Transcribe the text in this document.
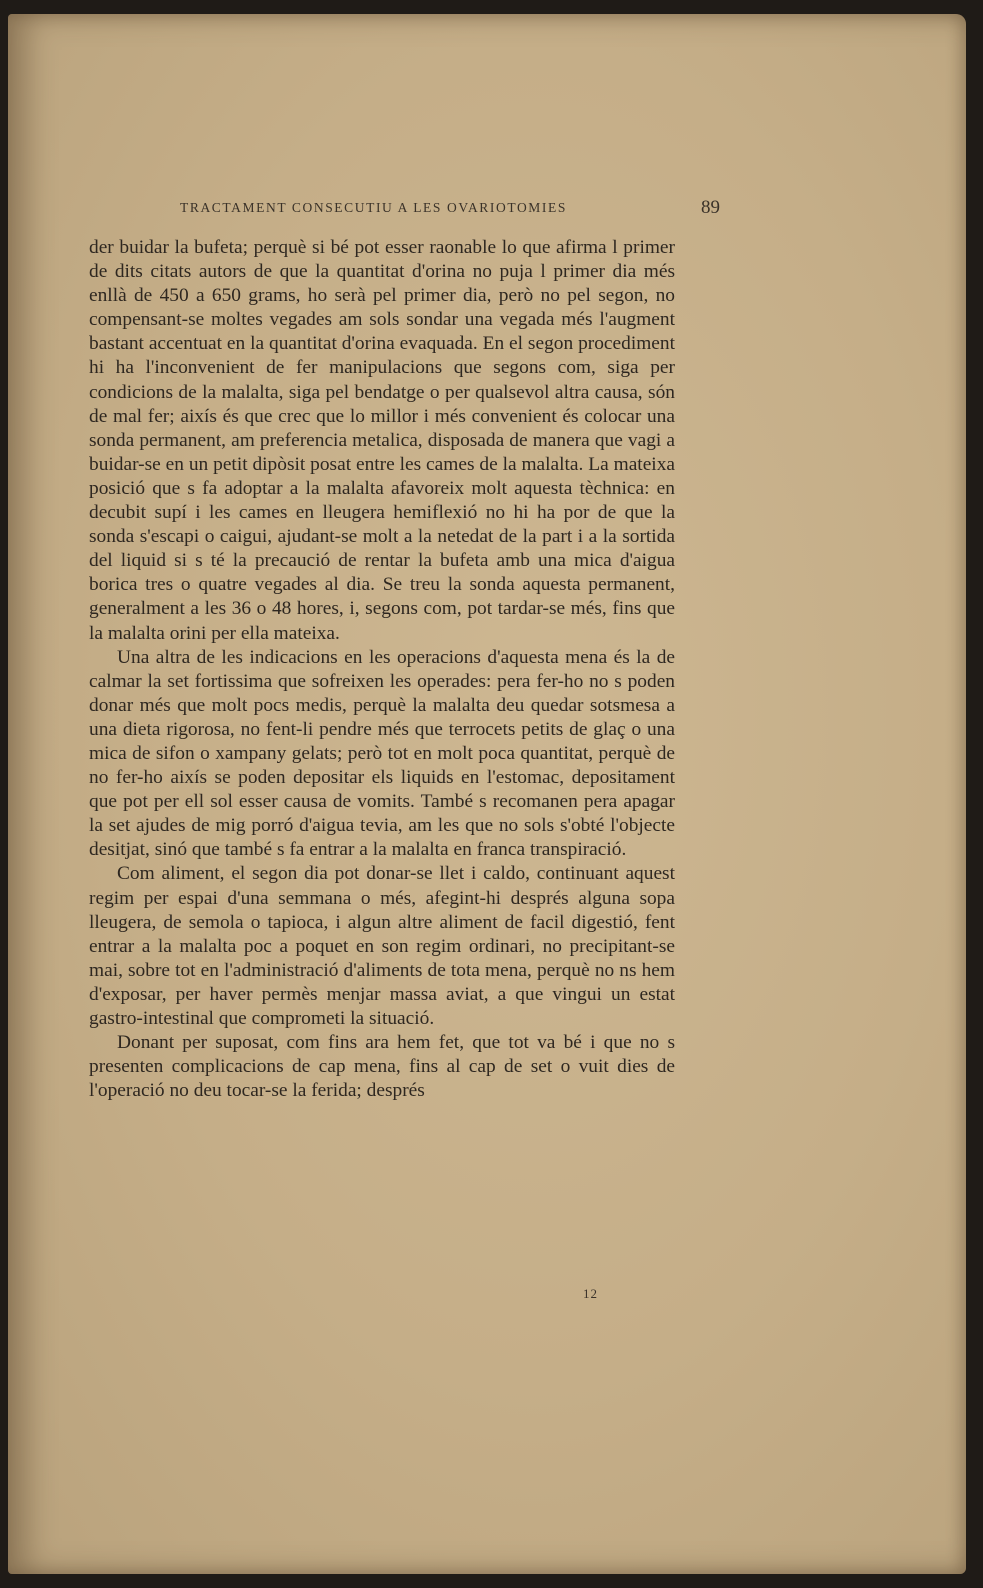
TRACTAMENT CONSECUTIU A LES OVARIOTOMIES	89

der buidar la bufeta; perquè si bé pot esser raonable lo que afirma l primer de dits citats autors de que la quantitat d'orina no puja l primer dia més enllà de 450 a 650 grams, ho serà pel primer dia, però no pel segon, no compensant-se moltes vegades am sols sondar una vegada més l'augment bastant accentuat en la quantitat d'orina evaquada. En el segon procediment hi ha l'inconvenient de fer manipulacions que segons com, siga per condicions de la malalta, siga pel bendatge o per qualsevol altra causa, són de mal fer; aixís és que crec que lo millor i més convenient és colocar una sonda permanent, am preferencia metalica, disposada de manera que vagi a buidar-se en un petit dipòsit posat entre les cames de la malalta. La mateixa posició que s fa adoptar a la malalta afavoreix molt aquesta tèchnica: en decubit supí i les cames en lleugera hemiflexió no hi ha por de que la sonda s'escapi o caigui, ajudant-se molt a la netedat de la part i a la sortida del liquid si s té la precaució de rentar la bufeta amb una mica d'aigua borica tres o quatre vegades al dia. Se treu la sonda aquesta permanent, generalment a les 36 o 48 hores, i, segons com, pot tardar-se més, fins que la malalta orini per ella mateixa.

Una altra de les indicacions en les operacions d'aquesta mena és la de calmar la set fortissima que sofreixen les operades: pera fer-ho no s poden donar més que molt pocs medis, perquè la malalta deu quedar sotsmesa a una dieta rigorosa, no fent-li pendre més que terrocets petits de glaç o una mica de sifon o xampany gelats; però tot en molt poca quantitat, perquè de no fer-ho aixís se poden depositar els liquids en l'estomac, depositament que pot per ell sol esser causa de vomits. També s recomanen pera apagar la set ajudes de mig porró d'aigua tevia, am les que no sols s'obté l'objecte desitjat, sinó que també s fa entrar a la malalta en franca transpiració.

Com aliment, el segon dia pot donar-se llet i caldo, continuant aquest regim per espai d'una semmana o més, afegint-hi després alguna sopa lleugera, de semola o tapioca, i algun altre aliment de facil digestió, fent entrar a la malalta poc a poquet en son regim ordinari, no precipitant-se mai, sobre tot en l'administració d'aliments de tota mena, perquè no ns hem d'exposar, per haver permès menjar massa aviat, a que vingui un estat gastro-intestinal que comprometi la situació.

Donant per suposat, com fins ara hem fet, que tot va bé i que no s presenten complicacions de cap mena, fins al cap de set o vuit dies de l'operació no deu tocar-se la ferida; després

12
